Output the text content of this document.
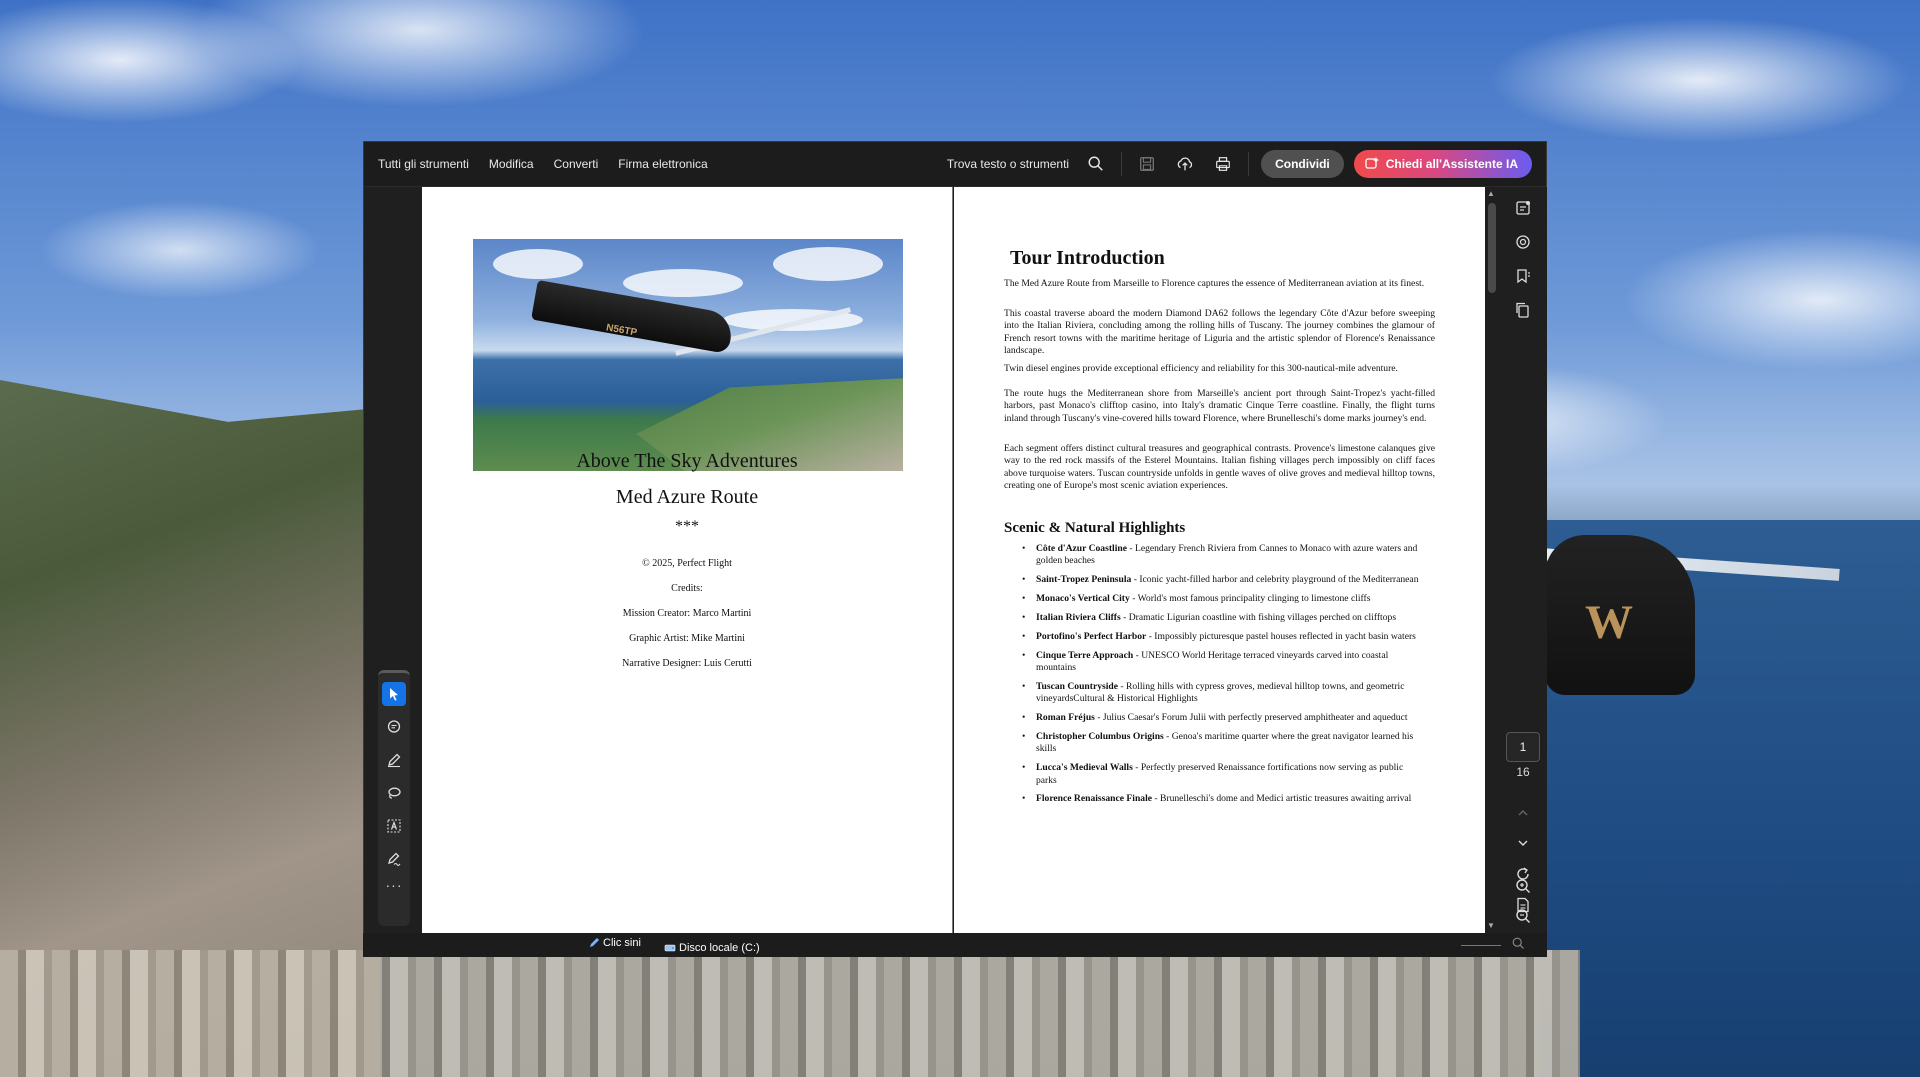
W
Tutti gli strumenti Modifica Converti Firma elettronica	Trova testo o strumenti	Condividi	Chiedi all'Assistente IA
N56TP
Above The Sky Adventures
Med Azure Route
***
© 2025, Perfect Flight
Credits:
Mission Creator: Marco Martini
Graphic Artist: Mike Martini
Narrative Designer: Luis Cerutti
Tour Introduction
The Med Azure Route from Marseille to Florence captures the essence of Mediterranean aviation at its finest.
This coastal traverse aboard the modern Diamond DA62 follows the legendary Côte d'Azur before sweeping into the Italian Riviera, concluding among the rolling hills of Tuscany. The journey combines the glamour of French resort towns with the maritime heritage of Liguria and the artistic splendor of Florence's Renaissance landscape.
Twin diesel engines provide exceptional efficiency and reliability for this 300-nautical-mile adventure.
The route hugs the Mediterranean shore from Marseille's ancient port through Saint-Tropez's yacht-filled harbors, past Monaco's clifftop casino, into Italy's dramatic Cinque Terre coastline. Finally, the flight turns inland through Tuscany's vine-covered hills toward Florence, where Brunelleschi's dome marks journey's end.
Each segment offers distinct cultural treasures and geographical contrasts. Provence's limestone calanques give way to the red rock massifs of the Esterel Mountains. Italian fishing villages perch impossibly on cliff faces above turquoise waters. Tuscan countryside unfolds in gentle waves of olive groves and medieval hilltop towns, creating one of Europe's most scenic aviation experiences.
Scenic & Natural Highlights
• Côte d'Azur Coastline - Legendary French Riviera from Cannes to Monaco with azure waters and golden beaches
• Saint-Tropez Peninsula - Iconic yacht-filled harbor and celebrity playground of the Mediterranean
• Monaco's Vertical City - World's most famous principality clinging to limestone cliffs
• Italian Riviera Cliffs - Dramatic Ligurian coastline with fishing villages perched on clifftops
• Portofino's Perfect Harbor - Impossibly picturesque pastel houses reflected in yacht basin waters
• Cinque Terre Approach - UNESCO World Heritage terraced vineyards carved into coastal mountains
• Tuscan Countryside - Rolling hills with cypress groves, medieval hilltop towns, and geometric vineyardsCultural & Historical Highlights
• Roman Fréjus - Julius Caesar's Forum Julii with perfectly preserved amphitheater and aqueduct
• Christopher Columbus Origins - Genoa's maritime quarter where the great navigator learned his skills
• Lucca's Medieval Walls - Perfectly preserved Renaissance fortifications now serving as public parks
• Florence Renaissance Finale - Brunelleschi's dome and Medici artistic treasures awaiting arrival
▲
▼
···
1
16
Clic sini	Disco locale (C:)
